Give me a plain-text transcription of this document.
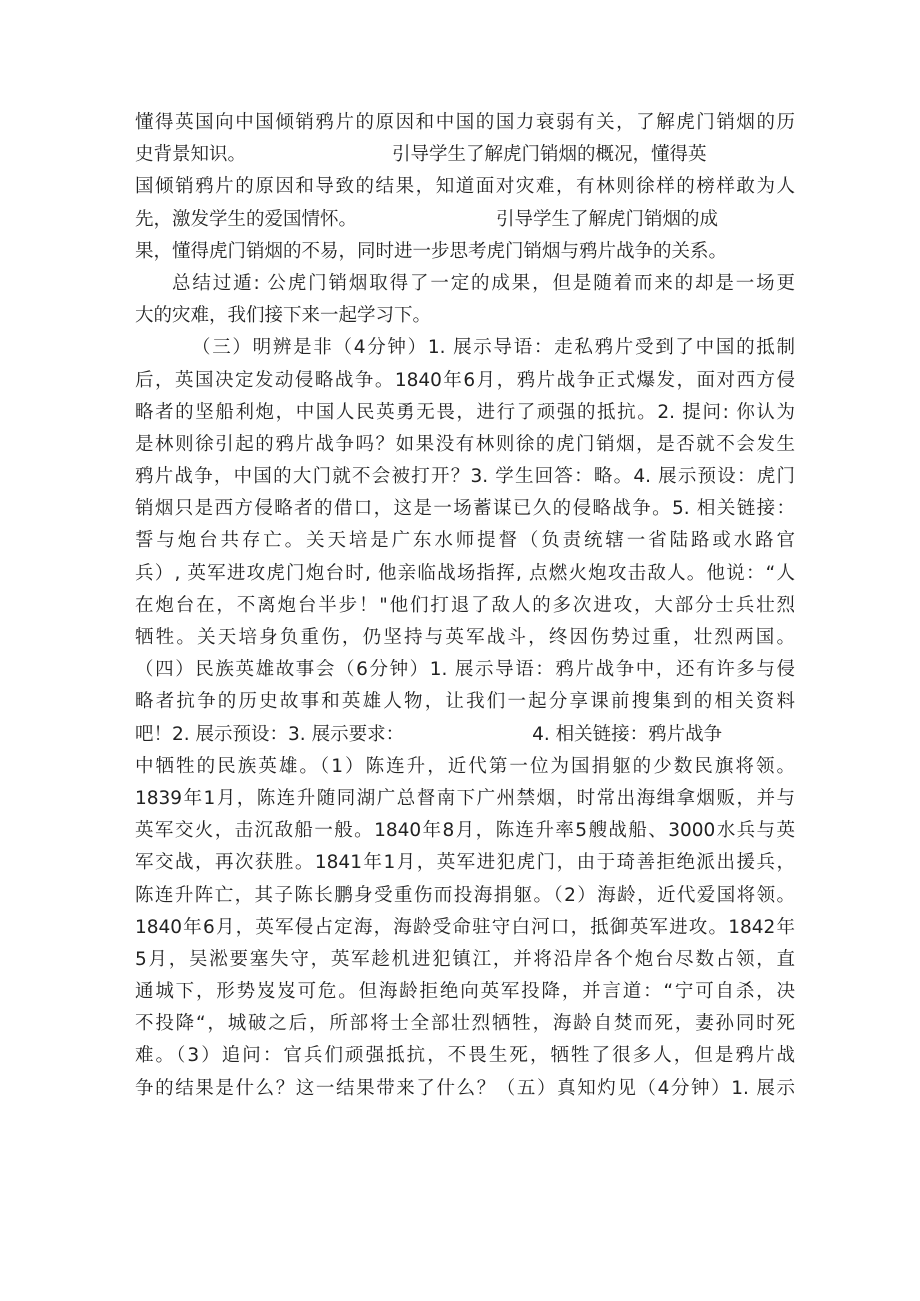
懂得英国向中国倾销鸦片的原因和中国的国力衰弱有关，了解虎门销烟的历
史背景知识。	引导学生了解虎门销烟的概况，懂得英
国倾销鸦片的原因和导致的结果，知道面对灾难，有林则徐样的榜样敢为人
先，激发学生的爱国情怀。	引导学生了解虎门销烟的成
果，懂得虎门销烟的不易，同时进一步思考虎门销烟与鸦片战争的关系。
总结过遁: 公虎门销烟取得了一定的成果，但是随着而来的却是一场更
大的灾难，我们接下来一起学习下。
（三）明辨是非（4分钟）1. 展示导语：走私鸦片受到了中国的抵制
后，英国决定发动侵略战争。1840年6月，鸦片战争正式爆发，面对西方侵
略者的坚船利炮，中国人民英勇无畏，进行了顽强的抵抗。2. 提问: 你认为
是林则徐引起的鸦片战争吗？如果没有林则徐的虎门销烟，是否就不会发生
鸦片战争，中国的大门就不会被打开？3. 学生回答：略。4. 展示预设：虎门
销烟只是西方侵略者的借口，这是一场蓄谋已久的侵略战争。5. 相关链接：
誓与炮台共存亡。关天培是广东水师提督（负责统辖一省陆路或水路官
兵）, 英军进攻虎门炮台时, 他亲临战场指挥, 点燃火炮攻击敌人。他说：“人
在炮台在，不离炮台半步！"他们打退了敌人的多次进攻，大部分士兵壮烈
牺牲。关天培身负重伤，仍坚持与英军战斗，终因伤势过重，壮烈两国。
（四）民族英雄故事会（6分钟）1. 展示导语：鸦片战争中，还有许多与侵
略者抗争的历史故事和英雄人物，让我们一起分享课前搜集到的相关资料
吧！2. 展示预设：3. 展示要求：	4. 相关链接：鸦片战争
中牺牲的民族英雄。（1）陈连升，近代第一位为国捐躯的少数民旗将领。
1839年1月，陈连升随同湖广总督南下广州禁烟，时常出海缉拿烟贩，并与
英军交火，击沉敌船一般。1840年8月，陈连升率5艘战船、3000水兵与英
军交战，再次获胜。1841年1月，英军进犯虎门，由于琦善拒绝派出援兵，
陈连升阵亡，其子陈长鹏身受重伤而投海捐躯。（2）海龄，近代爱国将领。
1840年6月，英军侵占定海，海龄受命驻守白河口，抵御英军进攻。1842年
5月，吴淞要塞失守，英军趁机进犯镇江，并将沿岸各个炮台尽数占领，直
通城下，形势岌岌可危。但海龄拒绝向英军投降，并言道：“宁可自杀，决
不投降“，城破之后，所部将士全部壮烈牺牲，海龄自焚而死，妻孙同时死
难。（3）追问：官兵们顽强抵抗，不畏生死，牺牲了很多人，但是鸦片战
争的结果是什么？这一结果带来了什么？（五）真知灼见（4分钟）1. 展示
